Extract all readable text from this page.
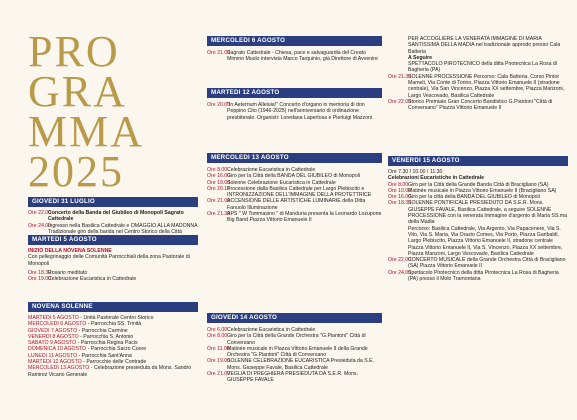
PRO
GRA
MMA
2025
GIOVEDI 31 LUGLIO
Ore 22.00
Concerto della Banda del Giubileo di Monopoli Sagrato Cattedrale
Ore 24.00
Ingresso nella Basilica Cattedrale e OMAGGIO ALLA MADONNA Tradizionale giro della banda nel Centro Storico della Città
MARTEDI 5 AGOSTO
INIZIO DELLA NOVENA SOLENNE
Con pellegrinaggio delle Comunità Parrocchiali della zona Pastorale di Monopoli
Ore 18.30
Rosario meditato
Ore 19.00
Celebrazione Eucaristica in Cattedrale
NOVENA SOLENNE
MARTEDI 5 AGOSTO - Unità Pastorale Centro Storico
MERCOLEDI 6 AGOSTO - Parrocchia SS. Trinità
GIOVEDI 7 AGOSTO - Parrocchia Carmine
VENERDI 8 AGOSTO - Parrocchia S. Antonio
SABATO 9 AGOSTO - Parrocchia Regina Pacis
DOMENICA 10 AGOSTO - Parrocchia Sacro Cuore
LUNEDI 11 AGOSTO - Parrocchia Sant'Anna
MARTEDI 12 AGOSTO - Parrocchie delle Contrade
MERCOLEDI 13 AGOSTO - Celebrazione presieduta da Mons. Sandro Ramirez Vicario Generale
MERCOLEDI 6 AGOSTO
Ore 21.00
Sagrato Cattedrale - Chiesa, pace e salvaguardia del Creato Mimmo Muolo intervista Marco Tarquinio, già Direttore di Avvenire
MARTEDI 12 AGOSTO
Ore 20.00
"In Aeternum Alleluia!" Concerto d'organo in memoria di don Peppino Cito (1946-2025) nell'anniversario di ordinazione presbiterale. Organisti: Loredana Lapertosa e Pierluigi Mazzoni
MERCOLEDI 13 AGOSTO
Ore 8.00 Celebrazione Eucaristica in Cattedrale
Ore 16.00
Giro per la Città della BANDA DEL GIUBILEO di Monopoli
Ore 19.00
Solenne Celebrazione Eucaristica in Cattedrale
Ore 20.15
Processione dalla Basilica Cattedrale per Largo Plebiscito e INTRONIZZAZIONE DELL'IMMAGINE DELLA PROTETTRICE
Ore 21.00
ACCENSIONE DELLE ARTISTICHE LUMINARIE della Ditta Fanuolo Illuminazione
Ore 21.30
APS " W Tommasino " di Manduria presenta la Leonardo Lozupone Big Band Piazza Vittorio Emanuele II
GIOVEDI 14 AGOSTO
Ore 6.00 Celebrazione Eucaristica in Cattedrale
Ore 8.00 Giro per la Città della Grande Orchestra "G.Piantoni" Città di Conversano
Ore 11.00
Matinée musicale in Piazza Vittorio Emanuele II della Grande Orchestra "G.Piantoni" Città di Conversano
Ore 19.00
SOLENNE CELEBRAZIONE EUCARISTICA Presieduta da S.E. Mons. Giuseppe Favale, Basilica Cattedrale
Ore 21.00
VEGLIA DI PREGHIERA PRESIEDUTA DA S.E.R. Mons. GIUSEPPE FAVALE
PER ACCOGLIERE LA VENERATA IMMAGINE DI MARIA SANTISSIMA DELLA MADIA nel tradizionale approdo presso Cala Batteria
A Seguire
SPETTACOLO PIROTECNICO della ditta Pirotecnica La Rosa di Bagheria (PA)
Ore 21.30
SOLENNE PROCESSIONE Percorso: Cala Batteria, Corso Pintor Mameli, Via Conte di Torino, Piazza Vittorio Emanuele II (stradone centrale), Via San Vincenzo, Piazza XX settembre, Piazza Manzoni, Largo Vescovado, Basilica Cattedrale
Ore 22.00
Storico Premiato Gran Concerto Bandistico G.Piantoni "Città di Conversano" Piazza Vittorio Emanuele II
VENERDI 15 AGOSTO
Ore 7.30 / 10.00 / 11.30
Celebrazioni Eucaristiche in Cattedrale
Ore 8.00 Giro per la Città della Grande Banda Città di Bracigliano (SA)
Ore 10.00
Matinée musicale in Piazza Vittorio Emanuele II (Bracigliano SA)
Ore 16.00
Giro per la città della BANDA DEL GIUBILEO di Monopoli
Ore 18.30
SOLENNE PONTIFICALE PRESIEDUTO DA S.E.R. Mons. GIUSEPPE FAVALE, Basilica Cattedrale, a seguire SOLENNE PROCESSIONE con la venerata Immagine d'argento di Maria SS.ma della Madia
Percorso: Basilica Cattedrale, Via Argento, Via Papacenere, Via S. Vito, Via S. Maria, Via Orazio Comes, Via Porto, Piazza Garibaldi, Largo Plebiscito, Piazza Vittorio Emanuele II, stradone centrale Piazza Vittorio Emanuele II, Via S. Vincenzo, Piazza XX settembre, Piazza Manzoni, Largo Vescovado, Basilica Cattedrale
Ore 22.00
CONCERTO MUSICALE della Grande Orchestra Città di Bracigliano (SA) Piazza Vittorio Emanuele II
Ore 24.00
Spettacolo Pirotecnico della ditta Pirotecnica La Rosa di Bagheria (PA) presso il Molo Tramontana
